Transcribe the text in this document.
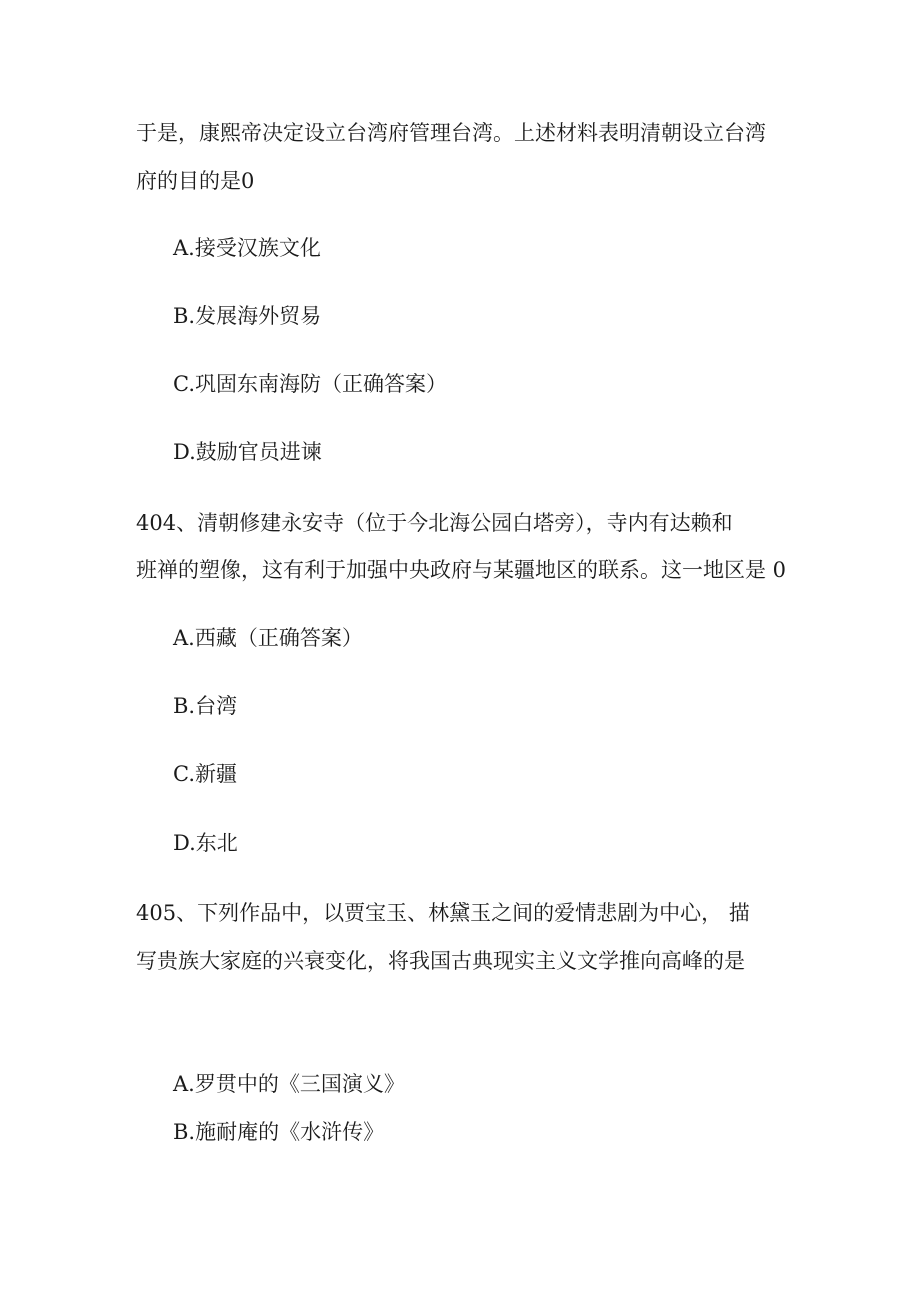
于是，康熙帝决定设立台湾府管理台湾。上述材料表明清朝设立台湾
府的目的是0
A.接受汉族文化
B.发展海外贸易
C.巩固东南海防（正确答案）
D.鼓励官员进谏
404、清朝修建永安寺（位于今北海公园白塔旁），寺内有达赖和
班禅的塑像，这有利于加强中央政府与某疆地区的联系。这一地区是 0
A.西藏（正确答案）
B.台湾
C.新疆
D.东北
405、下列作品中，以贾宝玉、林黛玉之间的爱情悲剧为中心， 描
写贵族大家庭的兴衰变化，将我国古典现实主义文学推向高峰的是
A.罗贯中的《三国演义》
B.施耐庵的《水浒传》
